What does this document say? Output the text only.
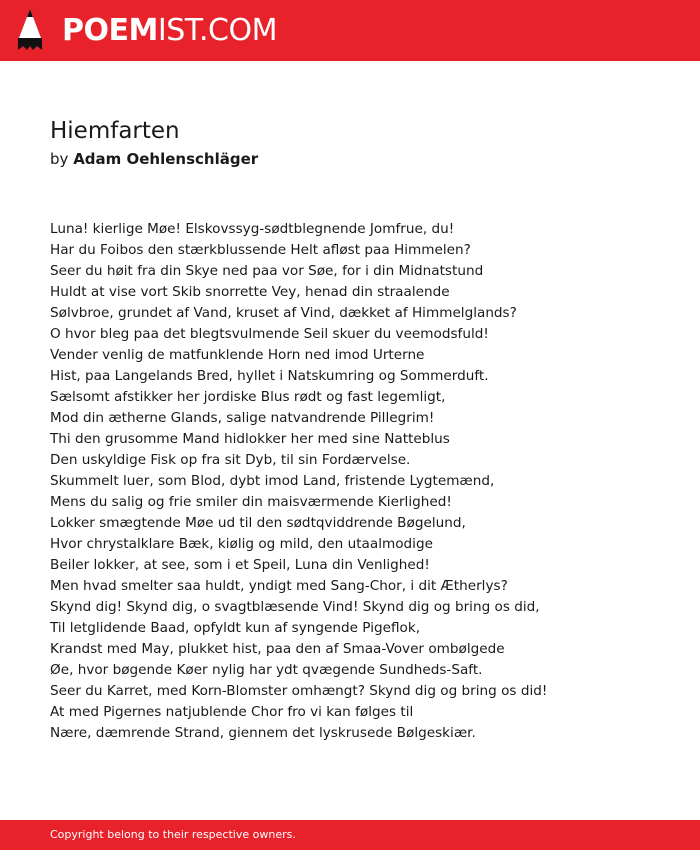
POEMIST.COM
Hiemfarten
by Adam Oehlenschläger
Luna! kierlige Møe! Elskovssyg-sødtblegnende Jomfrue, du!
Har du Foibos den stærkblussende Helt afløst paa Himmelen?
Seer du høit fra din Skye ned paa vor Søe, for i din Midnatstund
Huldt at vise vort Skib snorrette Vey, henad din straalende
Sølvbroe, grundet af Vand, kruset af Vind, dækket af Himmelglands?
O hvor bleg paa det blegtsvulmende Seil skuer du veemodsfuld!
Vender venlig de matfunklende Horn ned imod Urterne
Hist, paa Langelands Bred, hyllet i Natskumring og Sommerduft.
Sælsomt afstikker her jordiske Blus rødt og fast legemligt,
Mod din ætherne Glands, salige natvandrende Pillegrim!
Thi den grusomme Mand hidlokker her med sine Natteblus
Den uskyldige Fisk op fra sit Dyb, til sin Fordærvelse.
Skummelt luer, som Blod, dybt imod Land, fristende Lygtemænd,
Mens du salig og frie smiler din maisværmende Kierlighed!
Lokker smægtende Møe ud til den sødtqviddrende Bøgelund,
Hvor chrystalklare Bæk, kiølig og mild, den utaalmodige
Beiler lokker, at see, som i et Speil, Luna din Venlighed!
Men hvad smelter saa huldt, yndigt med Sang-Chor, i dit Ætherlys?
Skynd dig! Skynd dig, o svagtblæsende Vind! Skynd dig og bring os did,
Til letglidende Baad, opfyldt kun af syngende Pigeflok,
Krandst med May, plukket hist, paa den af Smaa-Vover ombølgede
Øe, hvor bøgende Køer nylig har ydt qvægende Sundheds-Saft.
Seer du Karret, med Korn-Blomster omhængt? Skynd dig og bring os did!
At med Pigernes natjublende Chor fro vi kan følges til
Nære, dæmrende Strand, giennem det lyskrusede Bølgeskiær.
Copyright belong to their respective owners.
